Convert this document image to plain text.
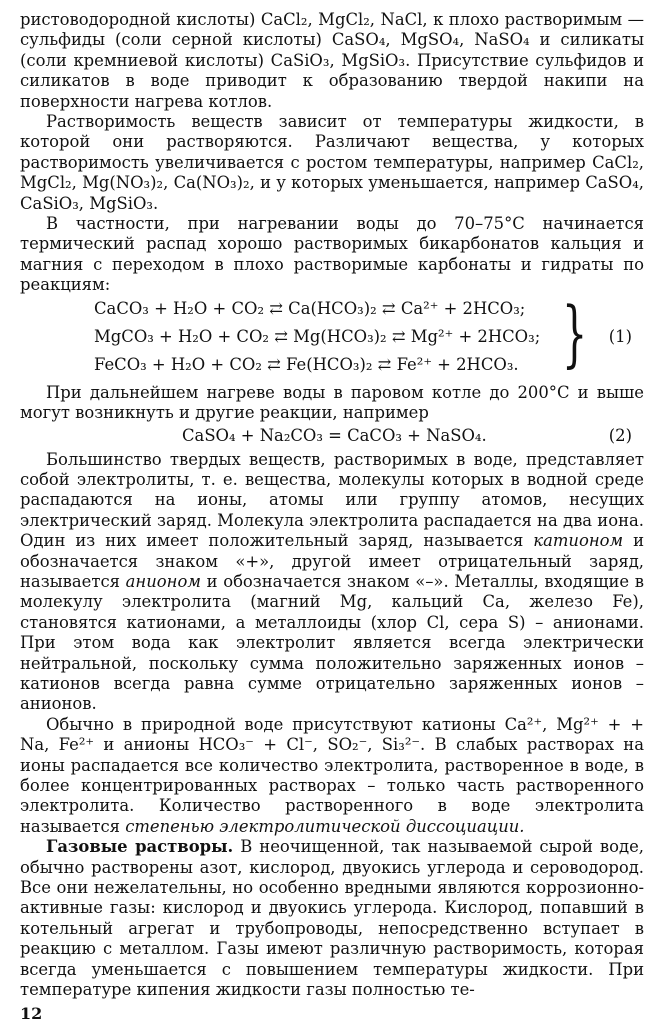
ристоводородной кислоты) CaCl₂, MgCl₂, NaCl, к плохо растворимым — сульфиды (соли серной кислоты) CaSO₄, MgSO₄, NaSO₄ и силикаты (соли кремниевой кислоты) CaSiO₃, MgSiO₃. Присутствие сульфидов и силикатов в воде приводит к образованию твердой накипи на поверхности нагрева котлов.

Растворимость веществ зависит от температуры жидкости, в которой они растворяются. Различают вещества, у которых растворимость увеличивается с ростом температуры, например CaCl₂, MgCl₂, Mg(NO₃)₂, Ca(NO₃)₂, и у которых уменьшается, например CaSO₄, CaSiO₃, MgSiO₃.

В частности, при нагревании воды до 70–75°С начинается термический распад хорошо растворимых бикарбонатов кальция и магния с переходом в плохо растворимые карбонаты и гидраты по реакциям:

CaCO₃ + H₂O + CO₂ ⇄ Ca(HCO₃)₂ ⇄ Ca²⁺ + 2HCO₃;
MgCO₃ + H₂O + CO₂ ⇄ Mg(HCO₃)₂ ⇄ Mg²⁺ + 2HCO₃;
FeCO₃ + H₂O + CO₂ ⇄ Fe(HCO₃)₂ ⇄ Fe²⁺ + 2HCO₃. } (1)

При дальнейшем нагреве воды в паровом котле до 200°С и выше могут возникнуть и другие реакции, например

CaSO₄ + Na₂CO₃ = CaCO₃ + NaSO₄.	(2)

Большинство твердых веществ, растворимых в воде, представляет собой электролиты, т. е. вещества, молекулы которых в водной среде распадаются на ионы, атомы или группу атомов, несущих электрический заряд. Молекула электролита распадается на два иона. Один из них имеет положительный заряд, называется катионом и обозначается знаком «+», другой имеет отрицательный заряд, называется анионом и обозначается знаком «–». Металлы, входящие в молекулу электролита (магний Mg, кальций Ca, железо Fe), становятся катионами, а металлоиды (хлор Cl, сера S) – анионами. При этом вода как электролит является всегда электрически нейтральной, поскольку сумма положительно заряженных ионов – катионов всегда равна сумме отрицательно заряженных ионов – анионов.

Обычно в природной воде присутствуют катионы Ca²⁺, Mg²⁺ + + Na, Fe²⁺ и анионы HCO₃⁻ + Cl⁻, SO₂⁻, Si₃²⁻. В слабых растворах на ионы распадается все количество электролита, растворенное в воде, в более концентрированных растворах – только часть растворенного электролита. Количество растворенного в воде электролита называется степенью электролитической диссоциации.

Газовые растворы. В неочищенной, так называемой сырой воде, обычно растворены азот, кислород, двуокись углерода и сероводород. Все они нежелательны, но особенно вредными являются коррозионно-активные газы: кислород и двуокись углерода. Кислород, попавший в котельный агрегат и трубопроводы, непосредственно вступает в реакцию с металлом. Газы имеют различную растворимость, которая всегда уменьшается с повышением температуры жидкости. При температуре кипения жидкости газы полностью те-

12
